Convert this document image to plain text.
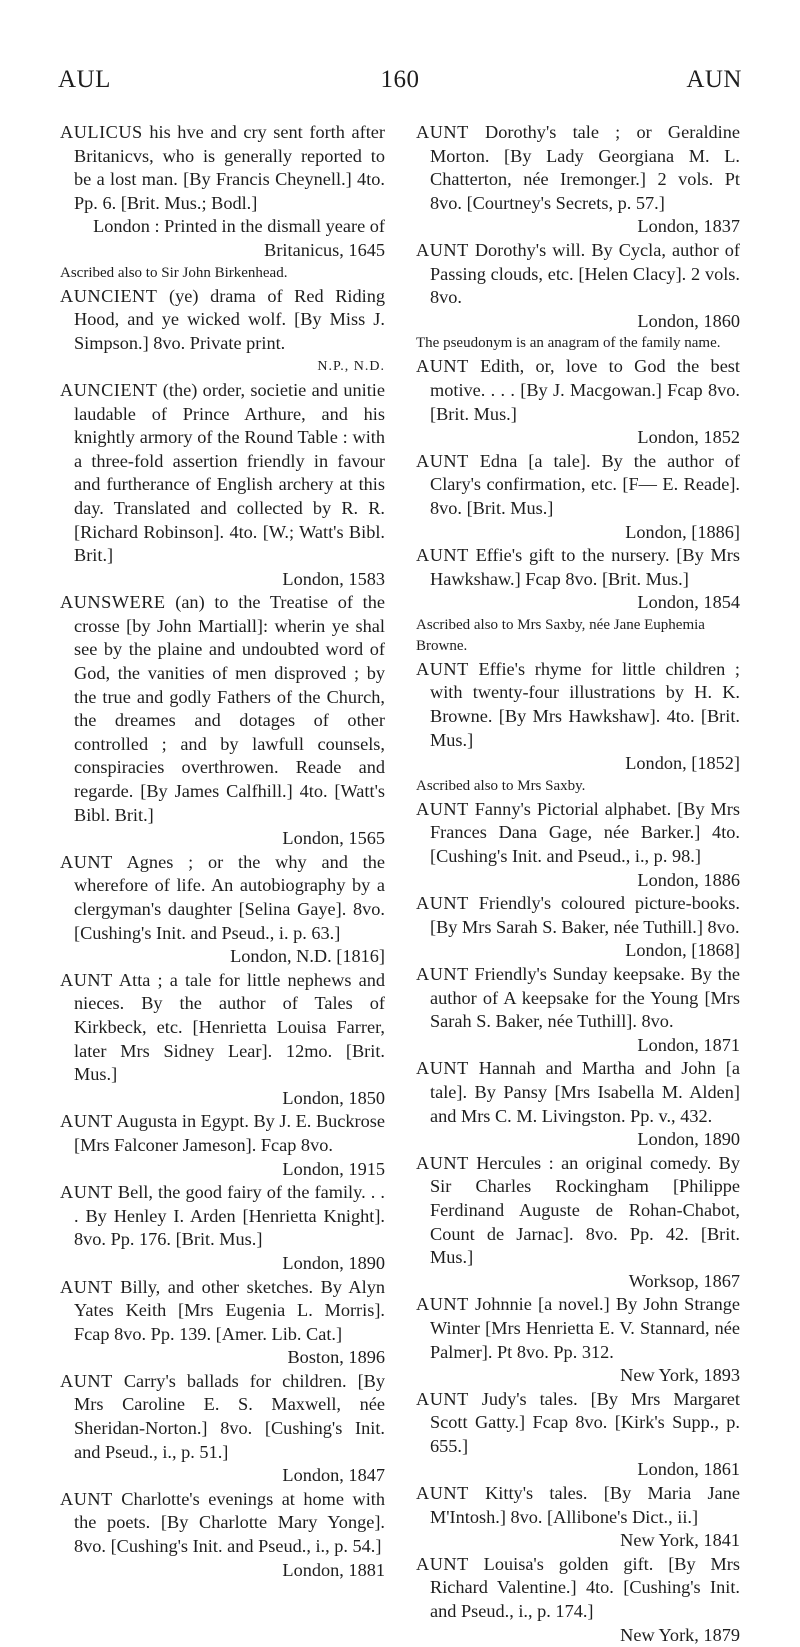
AUL	160	AUN

AULICUS his hve and cry sent forth after Britanicvs, who is generally reported to be a lost man. [By Francis Cheynell.] 4to. Pp. 6. [Brit. Mus.; Bodl.]
London : Printed in the dismall yeare of Britanicus, 1645

Ascribed also to Sir John Birkenhead.

AUNCIENT (ye) drama of Red Riding Hood, and ye wicked wolf. [By Miss J. Simpson.] 8vo. Private print.
N.P., N.D.

AUNCIENT (the) order, societie and unitie laudable of Prince Arthure, and his knightly armory of the Round Table : with a three-fold assertion friendly in favour and furtherance of English archery at this day. Translated and collected by R. R. [Richard Robinson]. 4to. [W.; Watt's Bibl. Brit.]
London, 1583

AUNSWERE (an) to the Treatise of the crosse [by John Martiall]: wherin ye shal see by the plaine and undoubted word of God, the vanities of men disproved ; by the true and godly Fathers of the Church, the dreames and dotages of other controlled ; and by lawfull counsels, conspiracies overthrowen. Reade and regarde. [By James Calfhill.] 4to. [Watt's Bibl. Brit.]
London, 1565

AUNT Agnes ; or the why and the wherefore of life. An autobiography by a clergyman's daughter [Selina Gaye]. 8vo. [Cushing's Init. and Pseud., i. p. 63.]
London, N.D. [1816]

AUNT Atta ; a tale for little nephews and nieces. By the author of Tales of Kirkbeck, etc. [Henrietta Louisa Farrer, later Mrs Sidney Lear]. 12mo. [Brit. Mus.]
London, 1850

AUNT Augusta in Egypt. By J. E. Buckrose [Mrs Falconer Jameson]. Fcap 8vo.
London, 1915

AUNT Bell, the good fairy of the family. . . . By Henley I. Arden [Henrietta Knight]. 8vo. Pp. 176. [Brit. Mus.]
London, 1890

AUNT Billy, and other sketches. By Alyn Yates Keith [Mrs Eugenia L. Morris]. Fcap 8vo. Pp. 139. [Amer. Lib. Cat.]
Boston, 1896

AUNT Carry's ballads for children. [By Mrs Caroline E. S. Maxwell, née Sheridan-Norton.] 8vo. [Cushing's Init. and Pseud., i., p. 51.]
London, 1847

AUNT Charlotte's evenings at home with the poets. [By Charlotte Mary Yonge]. 8vo. [Cushing's Init. and Pseud., i., p. 54.]
London, 1881

AUNT Dorothy's tale ; or Geraldine Morton. [By Lady Georgiana M. L. Chatterton, née Iremonger.] 2 vols. Pt 8vo. [Courtney's Secrets, p. 57.]
London, 1837

AUNT Dorothy's will. By Cycla, author of Passing clouds, etc. [Helen Clacy]. 2 vols. 8vo.
London, 1860

The pseudonym is an anagram of the family name.

AUNT Edith, or, love to God the best motive. . . . [By J. Macgowan.] Fcap 8vo. [Brit. Mus.]
London, 1852

AUNT Edna [a tale]. By the author of Clary's confirmation, etc. [F— E. Reade]. 8vo. [Brit. Mus.]
London, [1886]

AUNT Effie's gift to the nursery. [By Mrs Hawkshaw.] Fcap 8vo. [Brit. Mus.]
London, 1854

Ascribed also to Mrs Saxby, née Jane Euphemia Browne.

AUNT Effie's rhyme for little children ; with twenty-four illustrations by H. K. Browne. [By Mrs Hawkshaw]. 4to. [Brit. Mus.]
London, [1852]

Ascribed also to Mrs Saxby.

AUNT Fanny's Pictorial alphabet. [By Mrs Frances Dana Gage, née Barker.] 4to. [Cushing's Init. and Pseud., i., p. 98.]
London, 1886

AUNT Friendly's coloured picture-books. [By Mrs Sarah S. Baker, née Tuthill.] 8vo.
London, [1868]

AUNT Friendly's Sunday keepsake. By the author of A keepsake for the Young [Mrs Sarah S. Baker, née Tuthill]. 8vo.
London, 1871

AUNT Hannah and Martha and John [a tale]. By Pansy [Mrs Isabella M. Alden] and Mrs C. M. Livingston. Pp. v., 432.
London, 1890

AUNT Hercules : an original comedy. By Sir Charles Rockingham [Philippe Ferdinand Auguste de Rohan-Chabot, Count de Jarnac]. 8vo. Pp. 42. [Brit. Mus.]
Worksop, 1867

AUNT Johnnie [a novel.] By John Strange Winter [Mrs Henrietta E. V. Stannard, née Palmer]. Pt 8vo. Pp. 312.
New York, 1893

AUNT Judy's tales. [By Mrs Margaret Scott Gatty.] Fcap 8vo. [Kirk's Supp., p. 655.]
London, 1861

AUNT Kitty's tales. [By Maria Jane M'Intosh.] 8vo. [Allibone's Dict., ii.]
New York, 1841

AUNT Louisa's golden gift. [By Mrs Richard Valentine.] 4to. [Cushing's Init. and Pseud., i., p. 174.]
New York, 1879
